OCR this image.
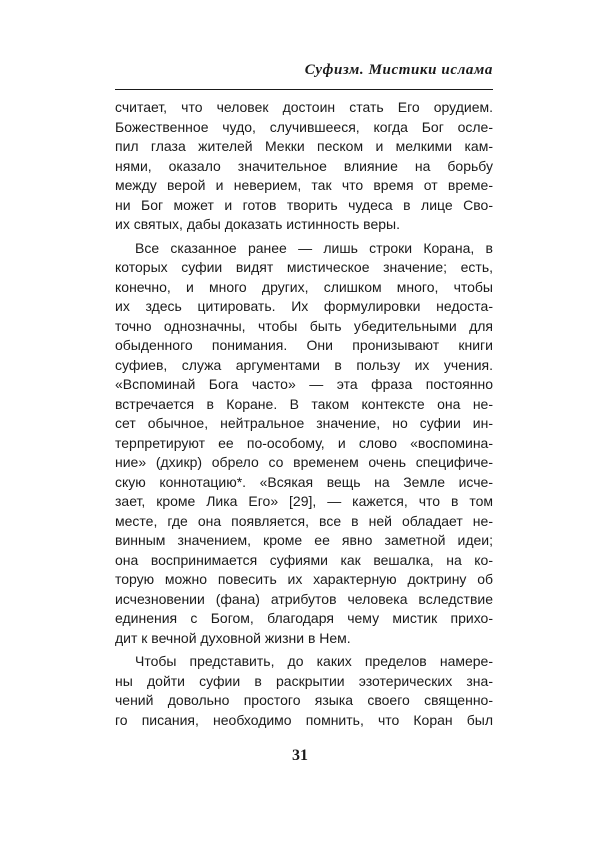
Суфизм. Мистики ислама
считает, что человек достоин стать Его орудием.
Божественное чудо, случившееся, когда Бог осле-
пил глаза жителей Мекки песком и мелкими кам-
нями, оказало значительное влияние на борьбу
между верой и неверием, так что время от време-
ни Бог может и готов творить чудеса в лице Сво-
их святых, дабы доказать истинность веры.
Все сказанное ранее — лишь строки Корана, в
которых суфии видят мистическое значение; есть,
конечно, и много других, слишком много, чтобы
их здесь цитировать. Их формулировки недоста-
точно однозначны, чтобы быть убедительными для
обыденного понимания. Они пронизывают книги
суфиев, служа аргументами в пользу их учения.
«Вспоминай Бога часто» — эта фраза постоянно
встречается в Коране. В таком контексте она не-
сет обычное, нейтральное значение, но суфии ин-
терпретируют ее по-особому, и слово «воспомина-
ние» (дхикр) обрело со временем очень специфиче-
скую коннотацию*. «Всякая вещь на Земле исче-
зает, кроме Лика Его» [29], — кажется, что в том
месте, где она появляется, все в ней обладает не-
винным значением, кроме ее явно заметной идеи;
она воспринимается суфиями как вешалка, на ко-
торую можно повесить их характерную доктрину об
исчезновении (фана) атрибутов человека вследствие
единения с Богом, благодаря чему мистик прихо-
дит к вечной духовной жизни в Нем.
Чтобы представить, до каких пределов намере-
ны дойти суфии в раскрытии эзотерических зна-
чений довольно простого языка своего священно-
го писания, необходимо помнить, что Коран был
31
